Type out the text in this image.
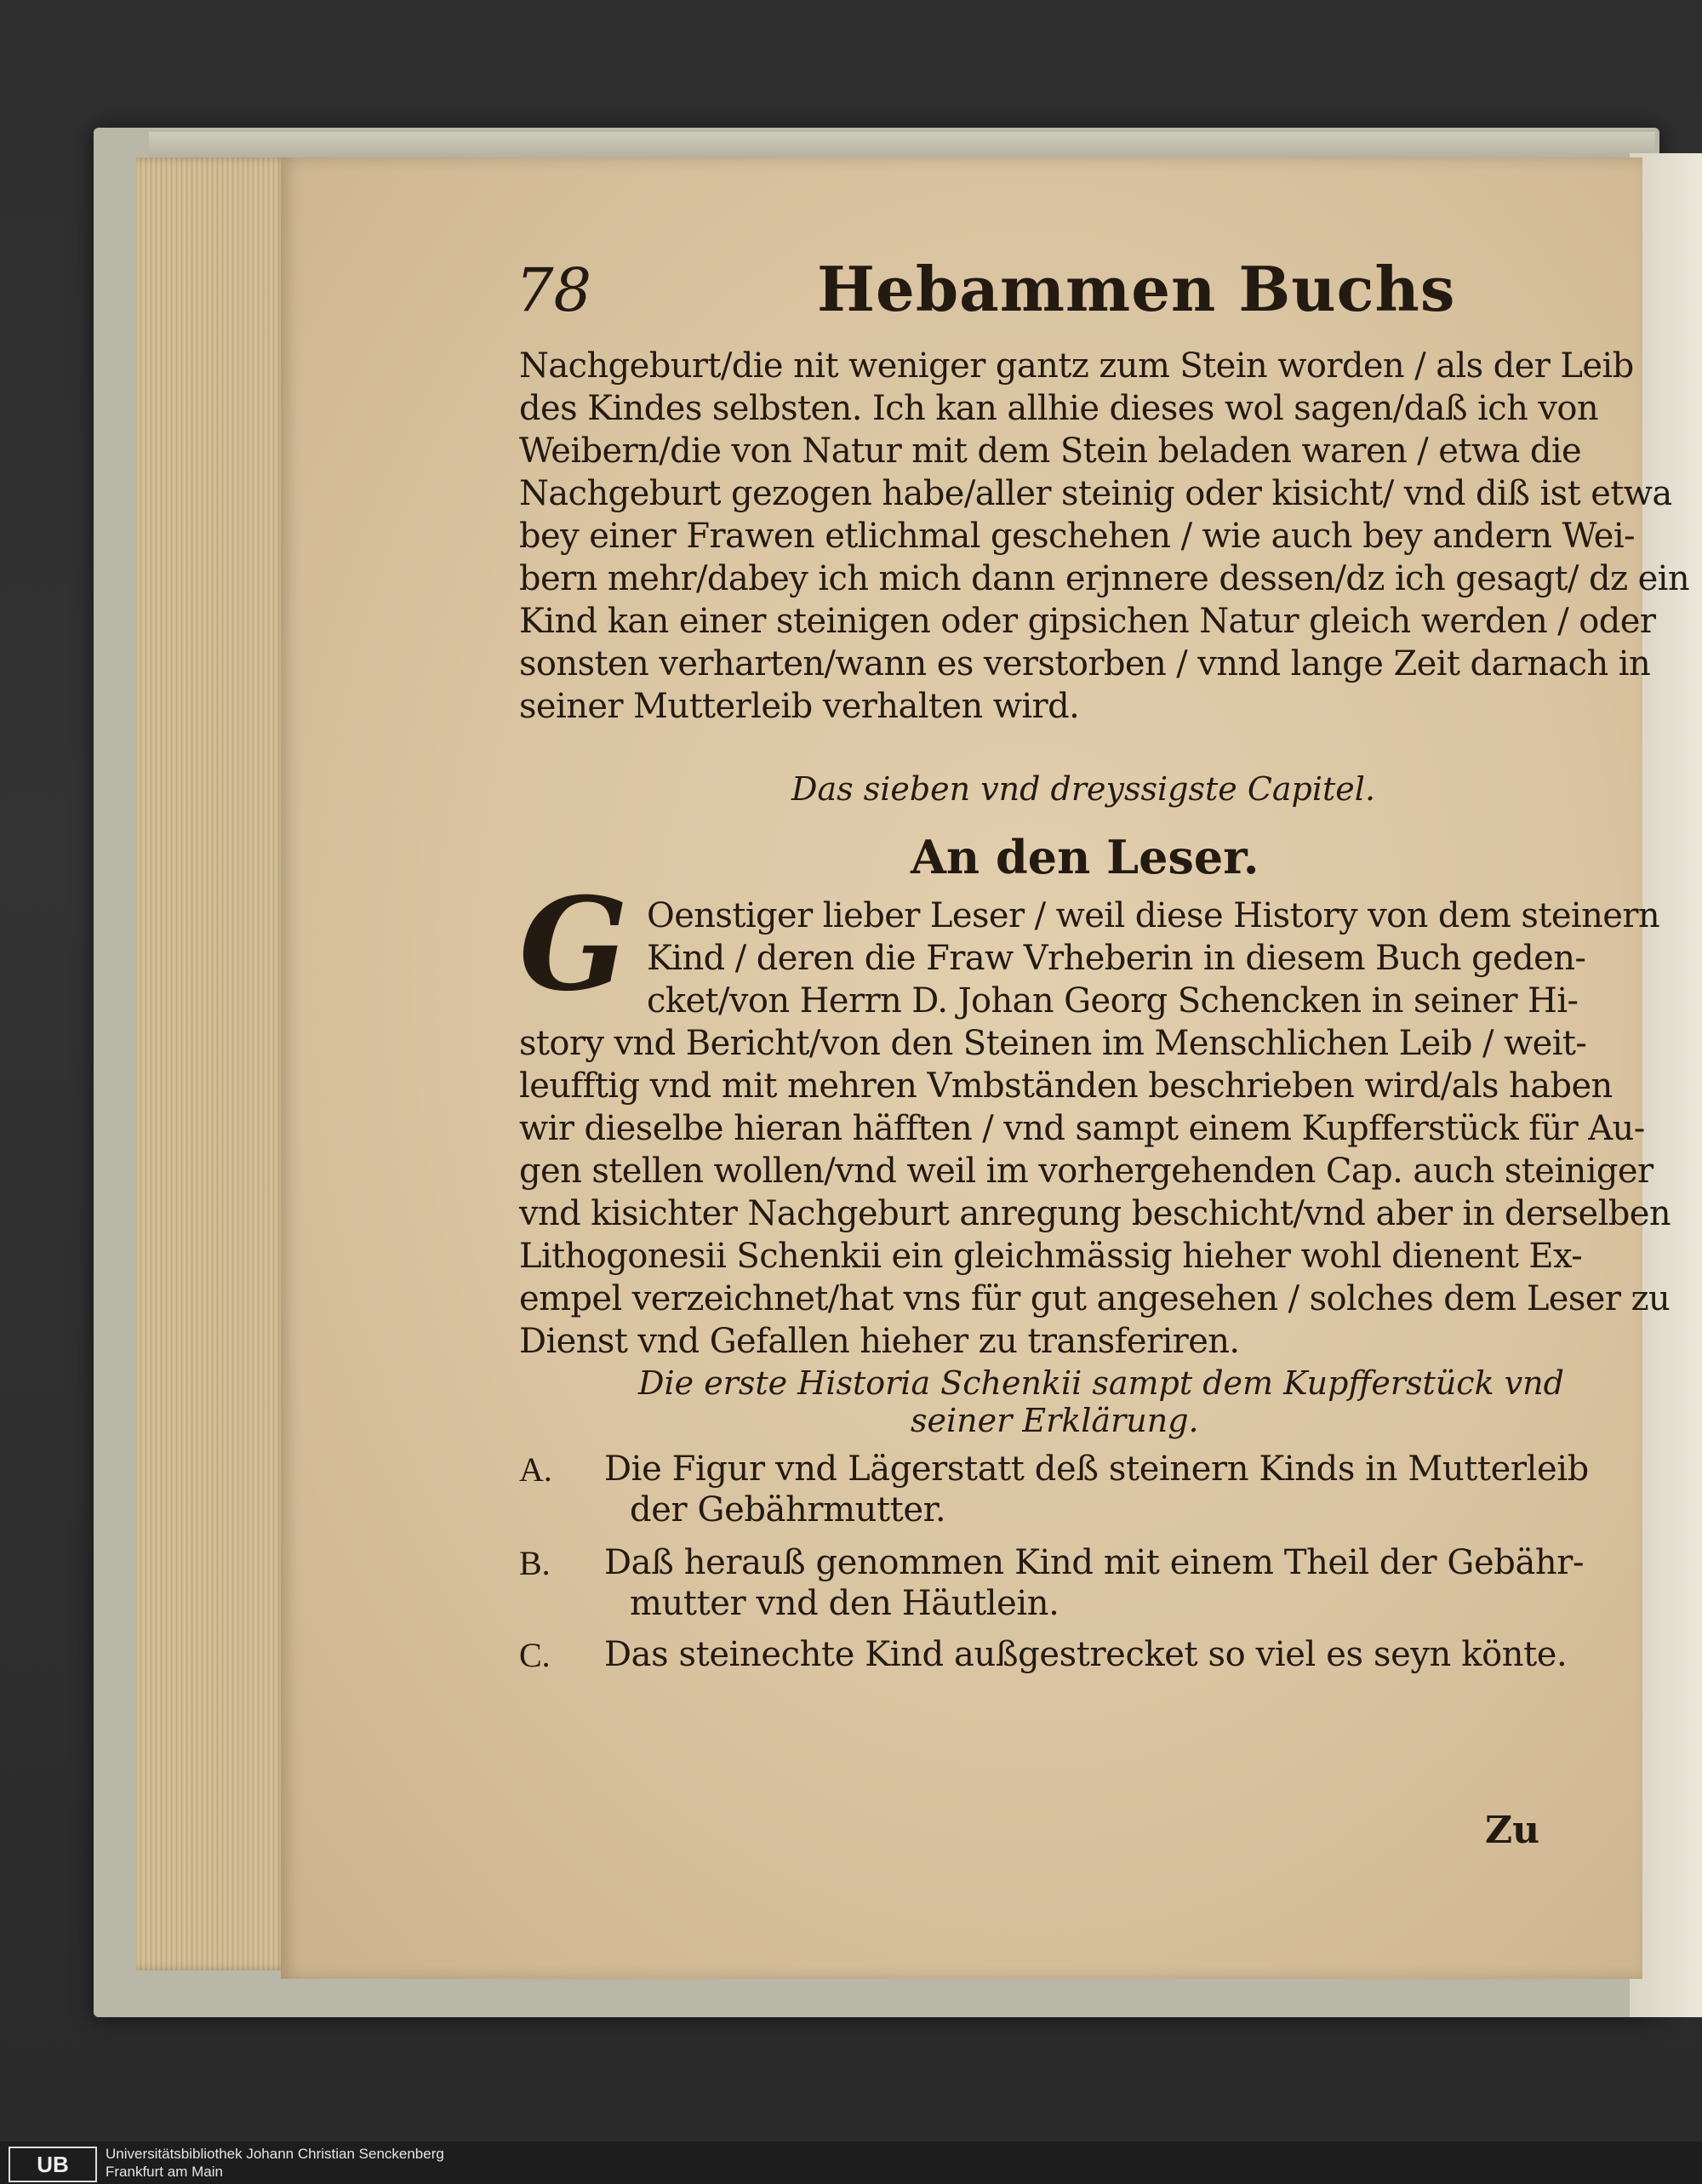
78	Hebammen Buchs
Nachgeburt/die nit weniger gantz zum Stein worden / als der Leib
des Kindes selbsten. Ich kan allhie dieses wol sagen/daß ich von
Weibern/die von Natur mit dem Stein beladen waren / etwa die
Nachgeburt gezogen habe/aller steinig oder kisicht/ vnd diß ist etwa
bey einer Frawen etlichmal geschehen / wie auch bey andern Wei-
bern mehr/dabey ich mich dann erjnnere dessen/dz ich gesagt/ dz ein
Kind kan einer steinigen oder gipsichen Natur gleich werden / oder
sonsten verharten/wann es verstorben / vnnd lange Zeit darnach in
seiner Mutterleib verhalten wird.
Das sieben vnd dreyssigste Capitel.
An den Leser.
G Oenstiger lieber Leser / weil diese History von dem steinern
Kind / deren die Fraw Vrheberin in diesem Buch geden-
cket/von Herrn D. Johan Georg Schencken in seiner Hi-
story vnd Bericht/von den Steinen im Menschlichen Leib / weit-
leufftig vnd mit mehren Vmbständen beschrieben wird/als haben
wir dieselbe hieran häfften / vnd sampt einem Kupfferstück für Au-
gen stellen wollen/vnd weil im vorhergehenden Cap. auch steiniger
vnd kisichter Nachgeburt anregung beschicht/vnd aber in derselben
Lithogonesii Schenkii ein gleichmässig hieher wohl dienent Ex-
empel verzeichnet/hat vns für gut angesehen / solches dem Leser zu
Dienst vnd Gefallen hieher zu transferiren.
Die erste Historia Schenkii sampt dem Kupfferstück vnd
seiner Erklärung.
A. Die Figur vnd Lägerstatt deß steinern Kinds in Mutterleib
der Gebährmutter.
B. Daß herauß genommen Kind mit einem Theil der Gebähr-
mutter vnd den Häutlein.
C. Das steinechte Kind außgestrecket so viel es seyn könte.
Zu
UB	Universitätsbibliothek Johann Christian Senckenberg
Frankfurt am Main
